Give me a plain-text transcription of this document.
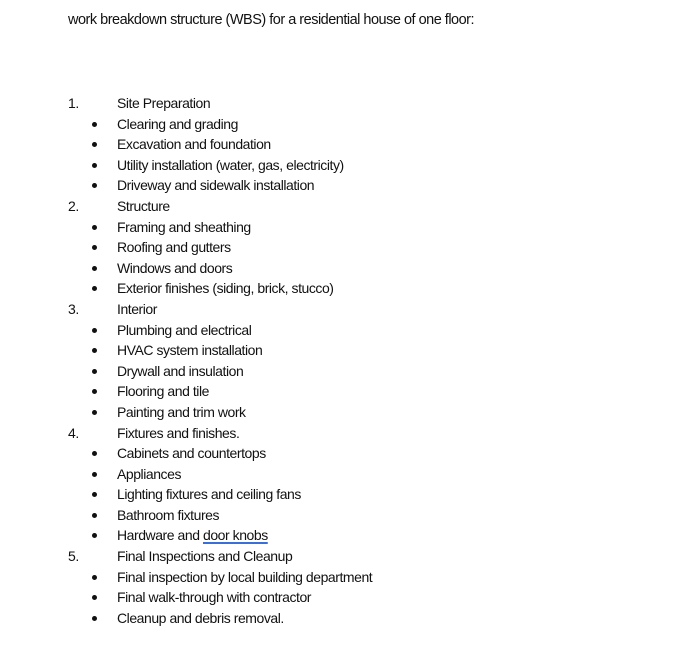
work breakdown structure (WBS) for a residential house of one floor:
1.	Site Preparation
Clearing and grading
Excavation and foundation
Utility installation (water, gas, electricity)
Driveway and sidewalk installation
2.	Structure
Framing and sheathing
Roofing and gutters
Windows and doors
Exterior finishes (siding, brick, stucco)
3.	Interior
Plumbing and electrical
HVAC system installation
Drywall and insulation
Flooring and tile
Painting and trim work
4.	Fixtures and finishes.
Cabinets and countertops
Appliances
Lighting fixtures and ceiling fans
Bathroom fixtures
Hardware and door knobs
5.	Final Inspections and Cleanup
Final inspection by local building department
Final walk-through with contractor
Cleanup and debris removal.
